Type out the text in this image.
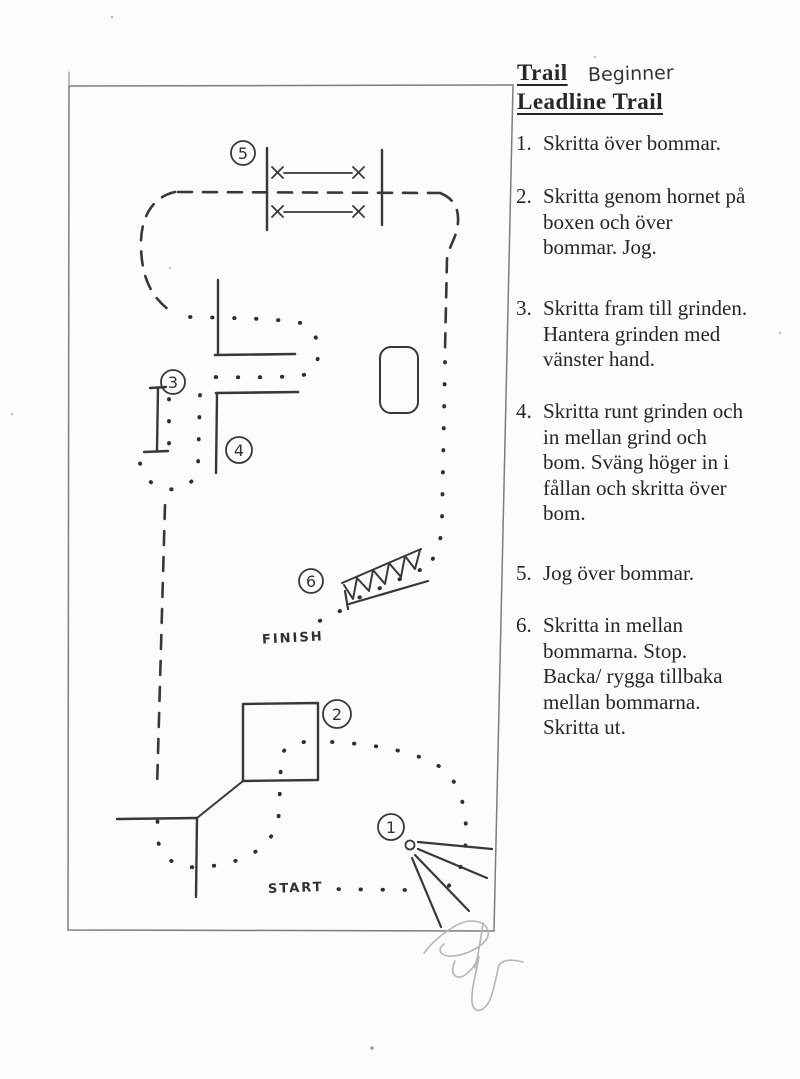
1
2
3
4
5
6
FINISH
START
Trail Beginner
Leadline Trail
1. Skritta över bommar.
2. Skritta genom hornet på
boxen och över
bommar. Jog.
3. Skritta fram till grinden.
Hantera grinden med
vänster hand.
4. Skritta runt grinden och
in mellan grind och
bom. Sväng höger in i
fållan och skritta över
bom.
5. Jog över bommar.
6. Skritta in mellan
bommarna. Stop.
Backa/ rygga tillbaka
mellan bommarna.
Skritta ut.
